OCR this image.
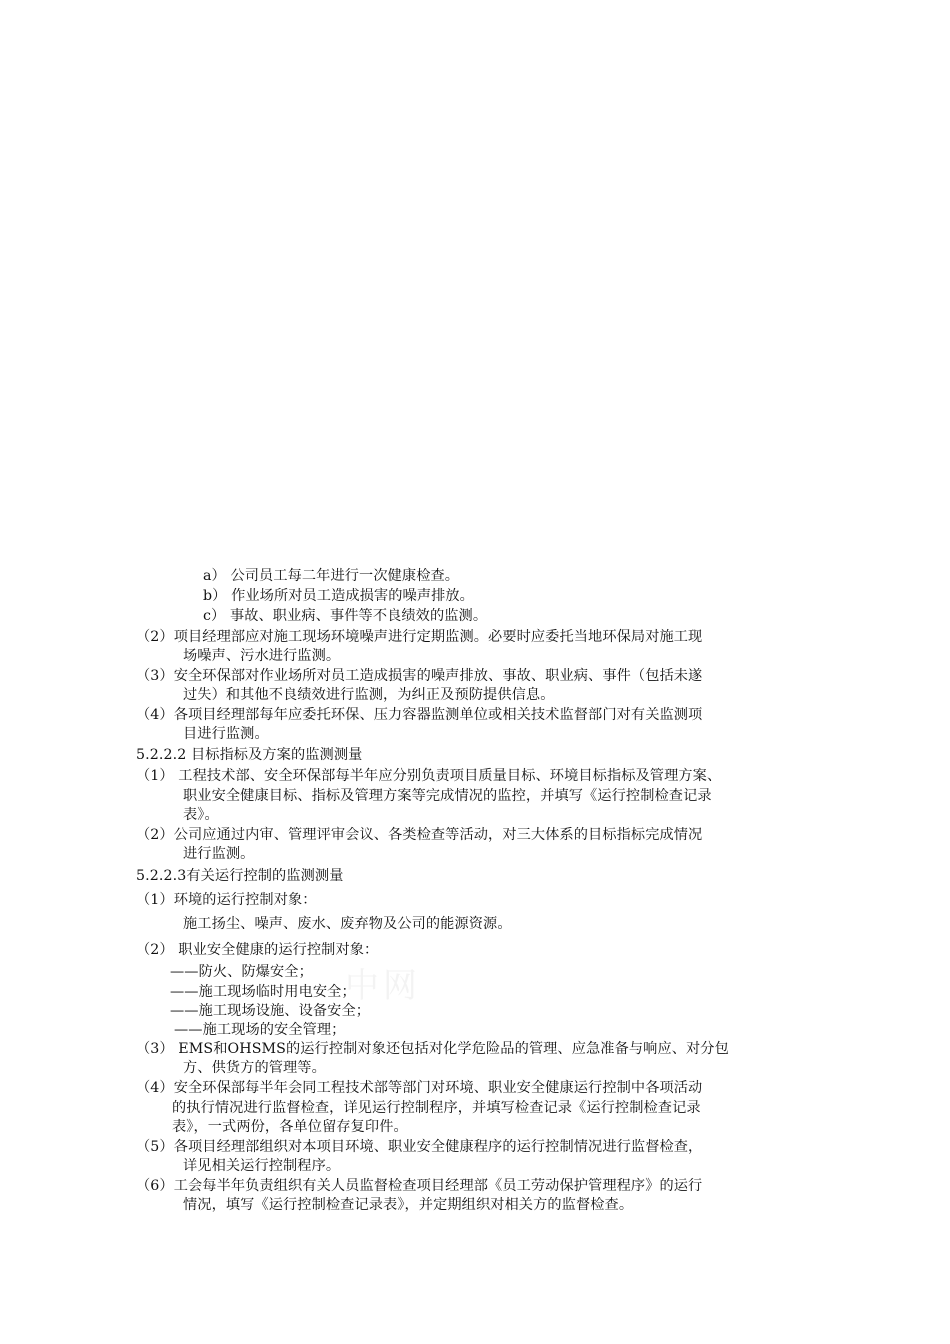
中网
a） 公司员工每二年进行一次健康检查。
b） 作业场所对员工造成损害的噪声排放。
c） 事故、职业病、事件等不良绩效的监测。
（2）项目经理部应对施工现场环境噪声进行定期监测。必要时应委托当地环保局对施工现
场噪声、污水进行监测。
（3）安全环保部对作业场所对员工造成损害的噪声排放、事故、职业病、事件（包括未遂
过失）和其他不良绩效进行监测，为纠正及预防提供信息。
（4）各项目经理部每年应委托环保、压力容器监测单位或相关技术监督部门对有关监测项
目进行监测。
5.2.2.2 目标指标及方案的监测测量
（1） 工程技术部、安全环保部每半年应分别负责项目质量目标、环境目标指标及管理方案、
职业安全健康目标、指标及管理方案等完成情况的监控，并填写《运行控制检查记录
表》。
（2）公司应通过内审、管理评审会议、各类检查等活动，对三大体系的目标指标完成情况
进行监测。
5.2.2.3有关运行控制的监测测量
（1）环境的运行控制对象：
施工扬尘、噪声、废水、废弃物及公司的能源资源。
（2） 职业安全健康的运行控制对象：
——防火、防爆安全；
——施工现场临时用电安全；
——施工现场设施、设备安全；
——施工现场的安全管理；
（3） EMS和OHSMS的运行控制对象还包括对化学危险品的管理、应急准备与响应、对分包
方、供货方的管理等。
（4）安全环保部每半年会同工程技术部等部门对环境、职业安全健康运行控制中各项活动
的执行情况进行监督检查，详见运行控制程序，并填写检查记录《运行控制检查记录
表》，一式两份，各单位留存复印件。
（5）各项目经理部组织对本项目环境、职业安全健康程序的运行控制情况进行监督检查，
详见相关运行控制程序。
（6）工会每半年负责组织有关人员监督检查项目经理部《员工劳动保护管理程序》的运行
情况，填写《运行控制检查记录表》，并定期组织对相关方的监督检查。
